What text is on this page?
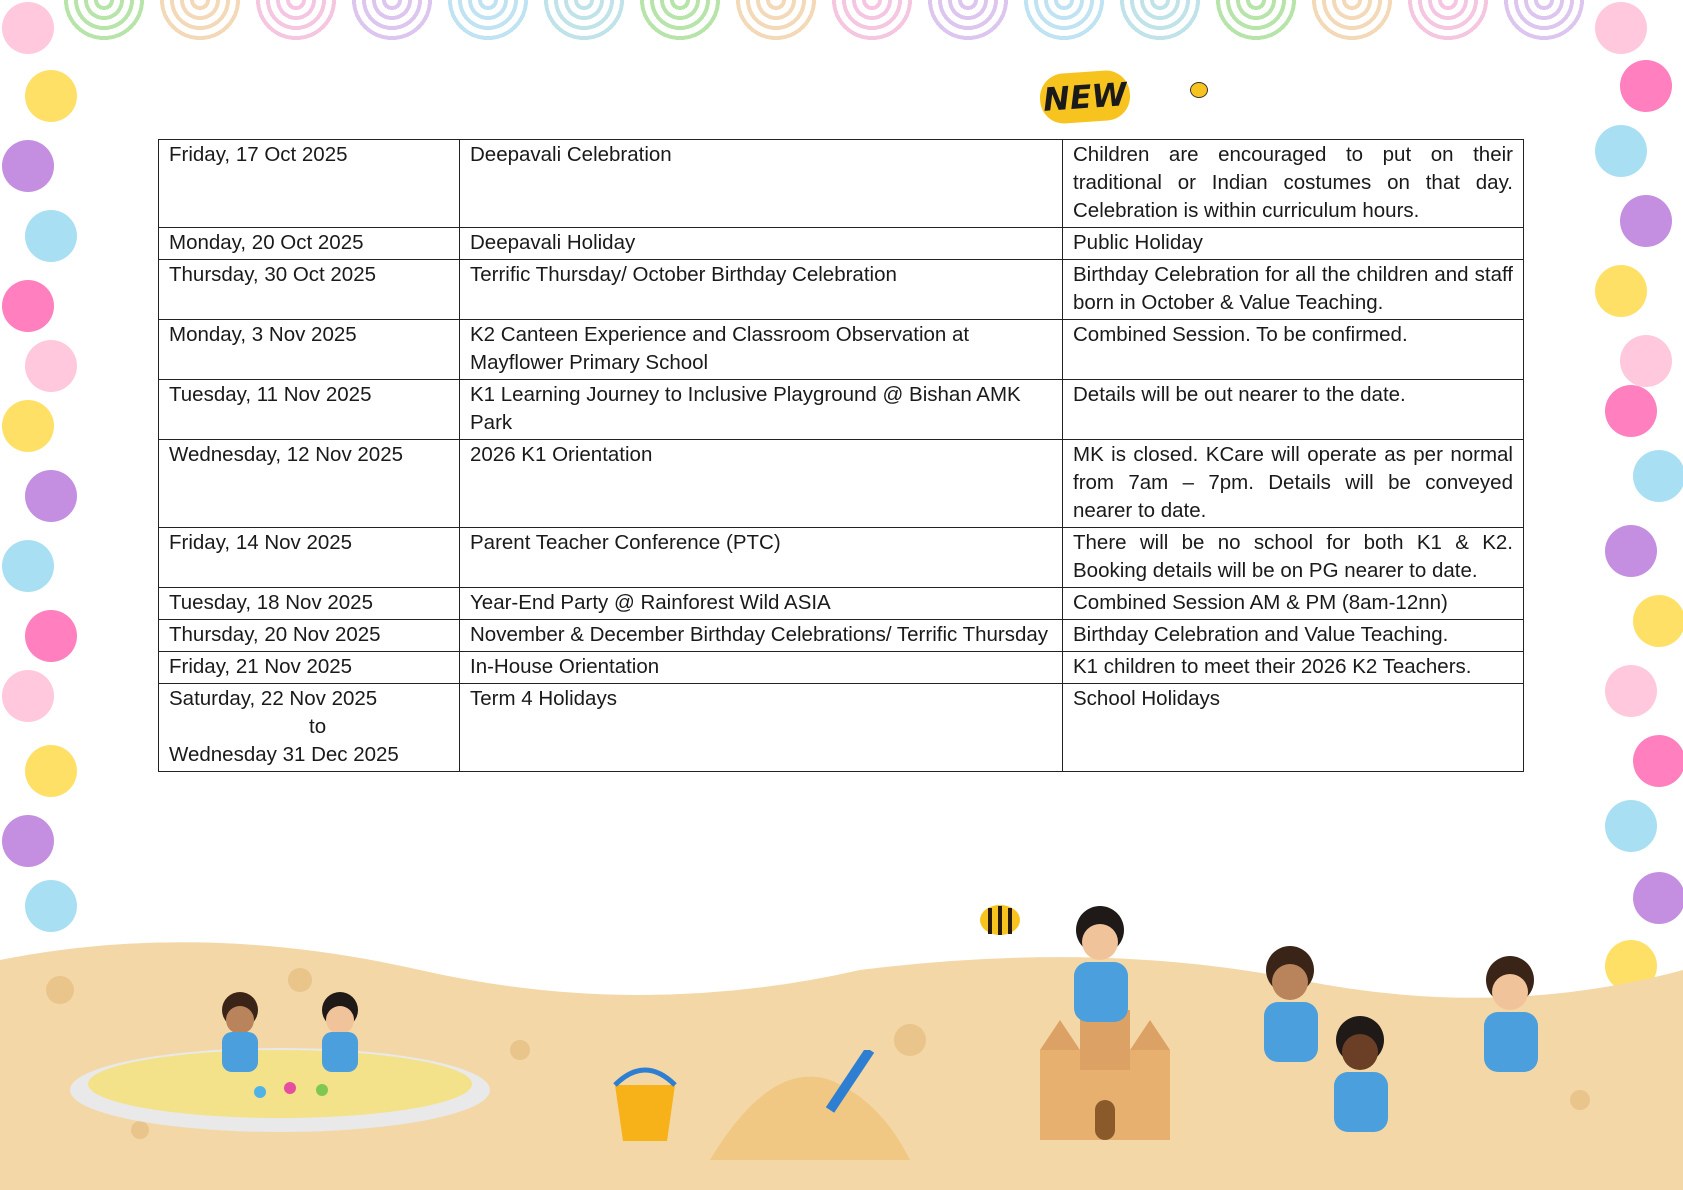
NEW
Friday, 17 Oct 2025	Deepavali Celebration	Children are encouraged to put on their traditional or Indian costumes on that day. Celebration is within curriculum hours.
Monday, 20 Oct 2025	Deepavali Holiday	Public Holiday
Thursday, 30 Oct 2025	Terrific Thursday/ October Birthday Celebration	Birthday Celebration for all the children and staff born in October & Value Teaching.
Monday, 3 Nov 2025	K2 Canteen Experience and Classroom Observation at Mayflower Primary School	Combined Session. To be confirmed.
Tuesday, 11 Nov 2025	K1 Learning Journey to Inclusive Playground @ Bishan AMK Park	Details will be out nearer to the date.
Wednesday, 12 Nov 2025	2026 K1 Orientation	MK is closed. KCare will operate as per normal from 7am – 7pm. Details will be conveyed nearer to date.
Friday, 14 Nov 2025	Parent Teacher Conference (PTC)	There will be no school for both K1 & K2. Booking details will be on PG nearer to date.
Tuesday, 18 Nov 2025	Year-End Party @ Rainforest Wild ASIA	Combined Session AM & PM (8am-12nn)
Thursday, 20 Nov 2025	November & December Birthday Celebrations/ Terrific Thursday	Birthday Celebration and Value Teaching.
Friday, 21 Nov 2025	In-House Orientation	K1 children to meet their 2026 K2 Teachers.

Saturday, 22 Nov 2025
to
Wednesday 31 Dec 2025	Term 4 Holidays	School Holidays
